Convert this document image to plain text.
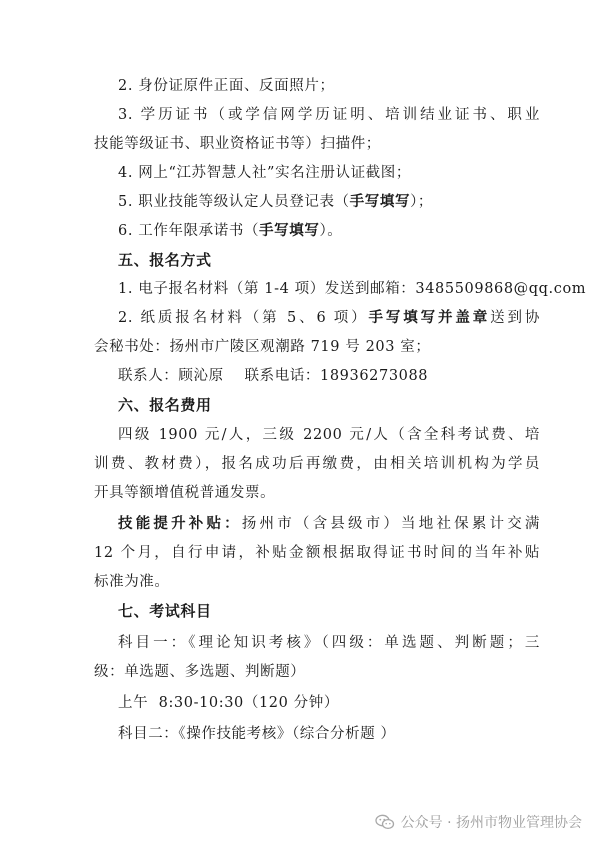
2. 身份证原件正面、反面照片；
3. 学历证书（或学信网学历证明、培训结业证书、职业
技能等级证书、职业资格证书等）扫描件；
4. 网上“江苏智慧人社”实名注册认证截图；
5. 职业技能等级认定人员登记表（手写填写）；
6. 工作年限承诺书（手写填写）。
五、报名方式
1. 电子报名材料（第 1-4 项）发送到邮箱：3485509868@qq.com
2. 纸质报名材料（第 5、6 项）手写填写并盖章送到协
会秘书处：扬州市广陵区观潮路 719 号 203 室；
联系人：顾沁原    联系电话：18936273088
六、报名费用
四级 1900 元/人，三级 2200 元/人（含全科考试费、培
训费、教材费），报名成功后再缴费，由相关培训机构为学员
开具等额增值税普通发票。
技能提升补贴：扬州市（含县级市）当地社保累计交满
12 个月，自行申请，补贴金额根据取得证书时间的当年补贴
标准为准。
七、考试科目
科目一：《理论知识考核》（四级：单选题、判断题；三
级：单选题、多选题、判断题）
上午  8:30-10:30（120 分钟）
科目二：《操作技能考核》（综合分析题 ）
公众号 · 扬州市物业管理协会
